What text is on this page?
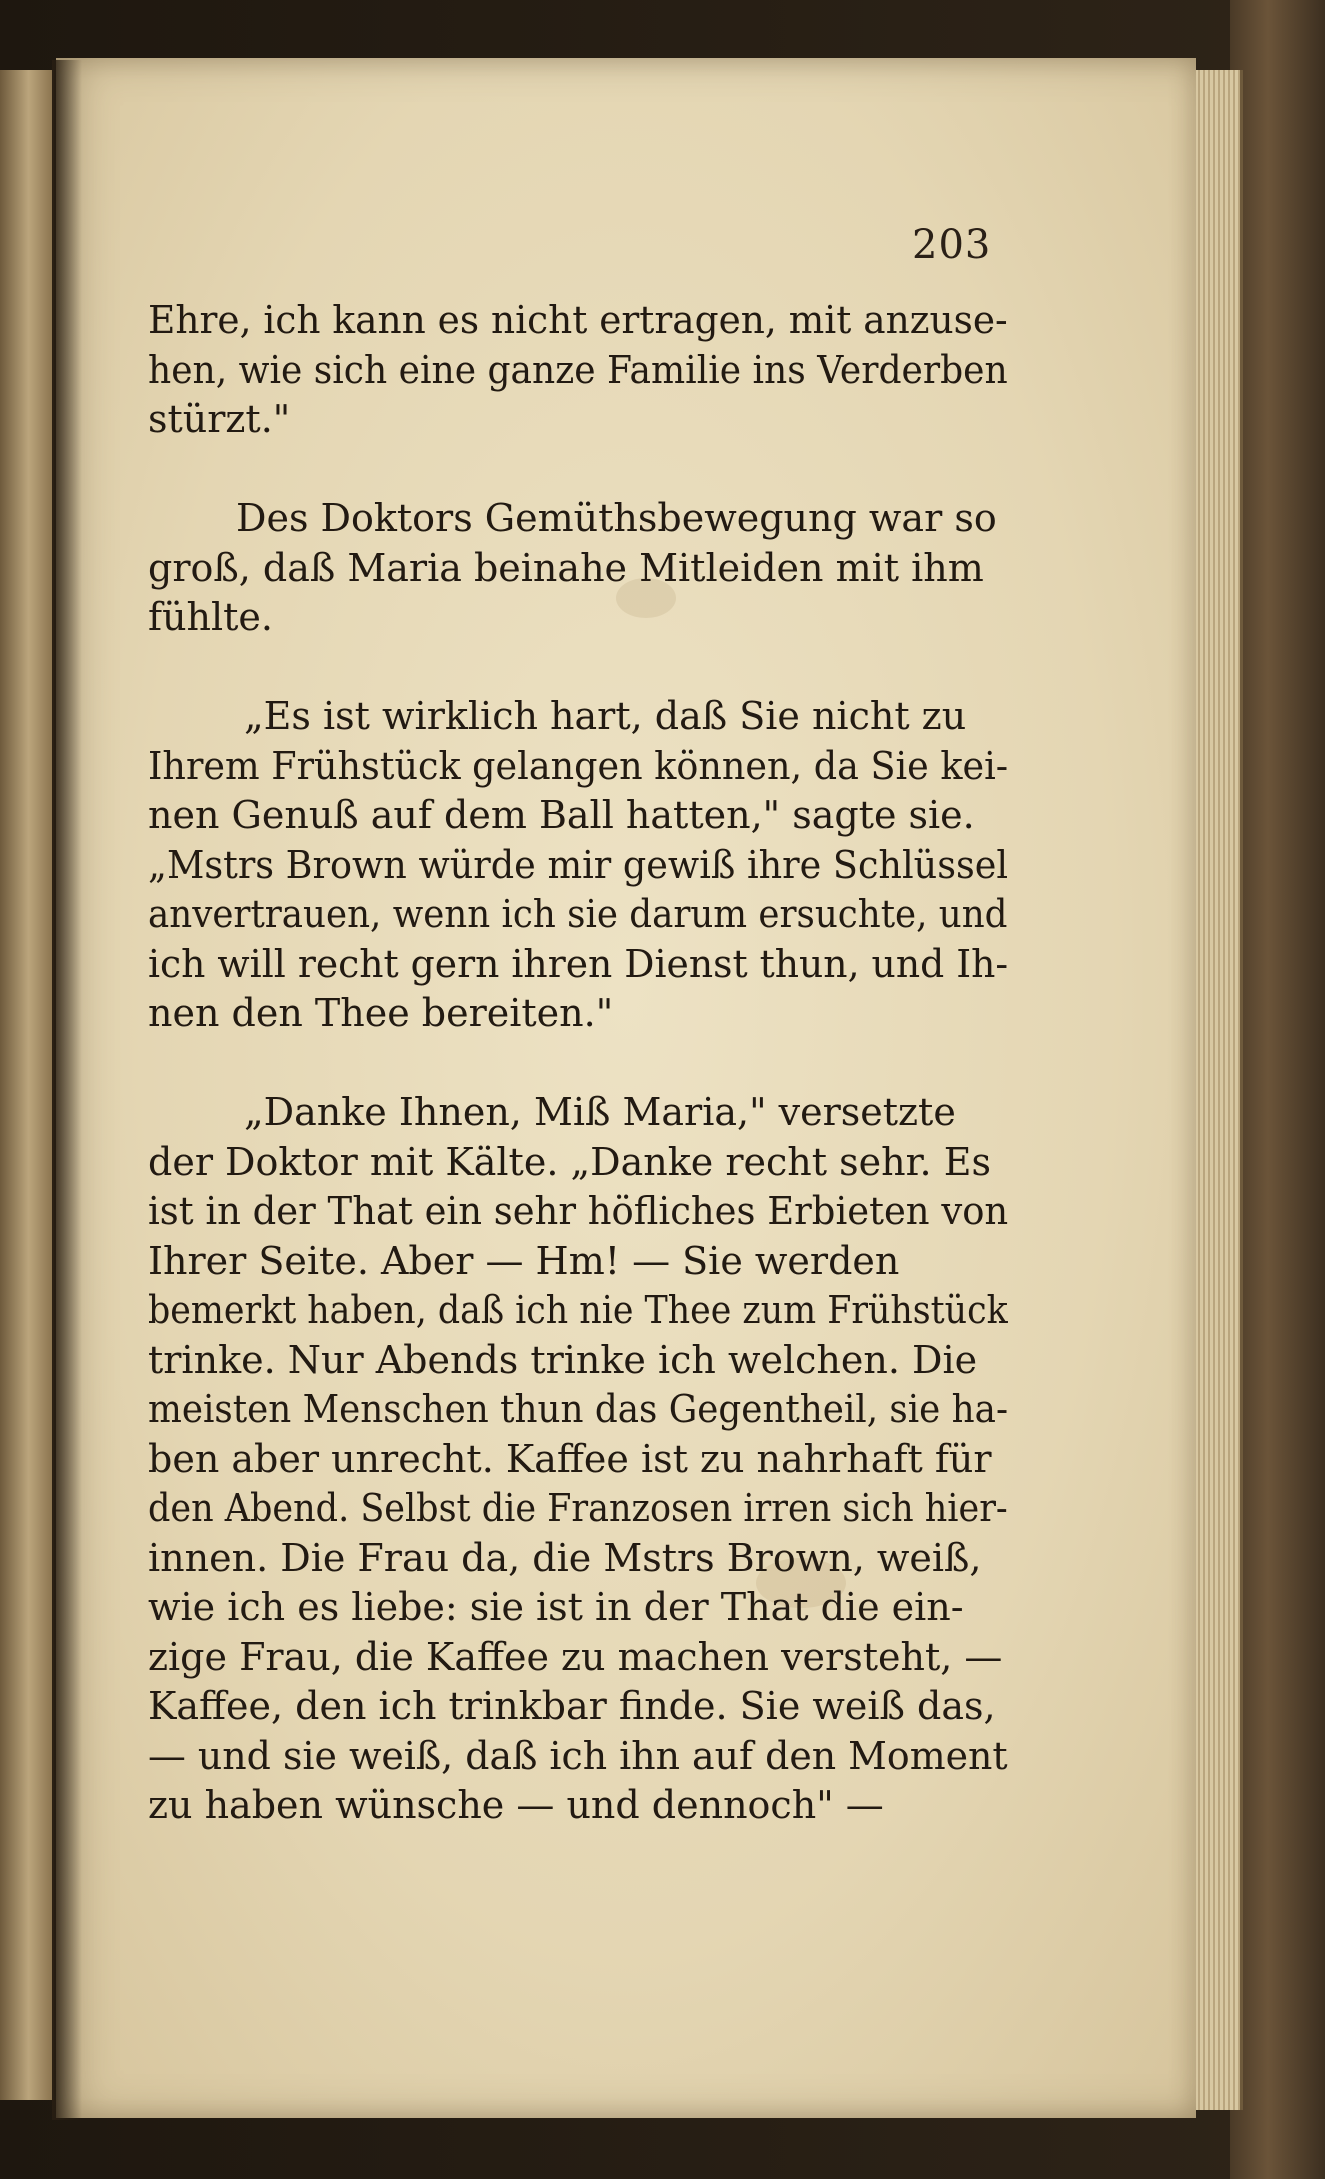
203

Ehre, ich kann es nicht ertragen, mit anzuse-
hen, wie sich eine ganze Familie ins Verderben
stürzt."

Des Doktors Gemüthsbewegung war so
groß, daß Maria beinahe Mitleiden mit ihm
fühlte.

„Es ist wirklich hart, daß Sie nicht zu
Ihrem Frühstück gelangen können, da Sie kei-
nen Genuß auf dem Ball hatten," sagte sie.
„Mstrs Brown würde mir gewiß ihre Schlüssel
anvertrauen, wenn ich sie darum ersuchte, und
ich will recht gern ihren Dienst thun, und Ih-
nen den Thee bereiten."

„Danke Ihnen, Miß Maria," versetzte
der Doktor mit Kälte. „Danke recht sehr. Es
ist in der That ein sehr höfliches Erbieten von
Ihrer Seite. Aber — Hm! — Sie werden
bemerkt haben, daß ich nie Thee zum Frühstück
trinke. Nur Abends trinke ich welchen. Die
meisten Menschen thun das Gegentheil, sie ha-
ben aber unrecht. Kaffee ist zu nahrhaft für
den Abend. Selbst die Franzosen irren sich hier-
innen. Die Frau da, die Mstrs Brown, weiß,
wie ich es liebe: sie ist in der That die ein-
zige Frau, die Kaffee zu machen versteht, —
Kaffee, den ich trinkbar finde. Sie weiß das,
— und sie weiß, daß ich ihn auf den Moment
zu haben wünsche — und dennoch" —
